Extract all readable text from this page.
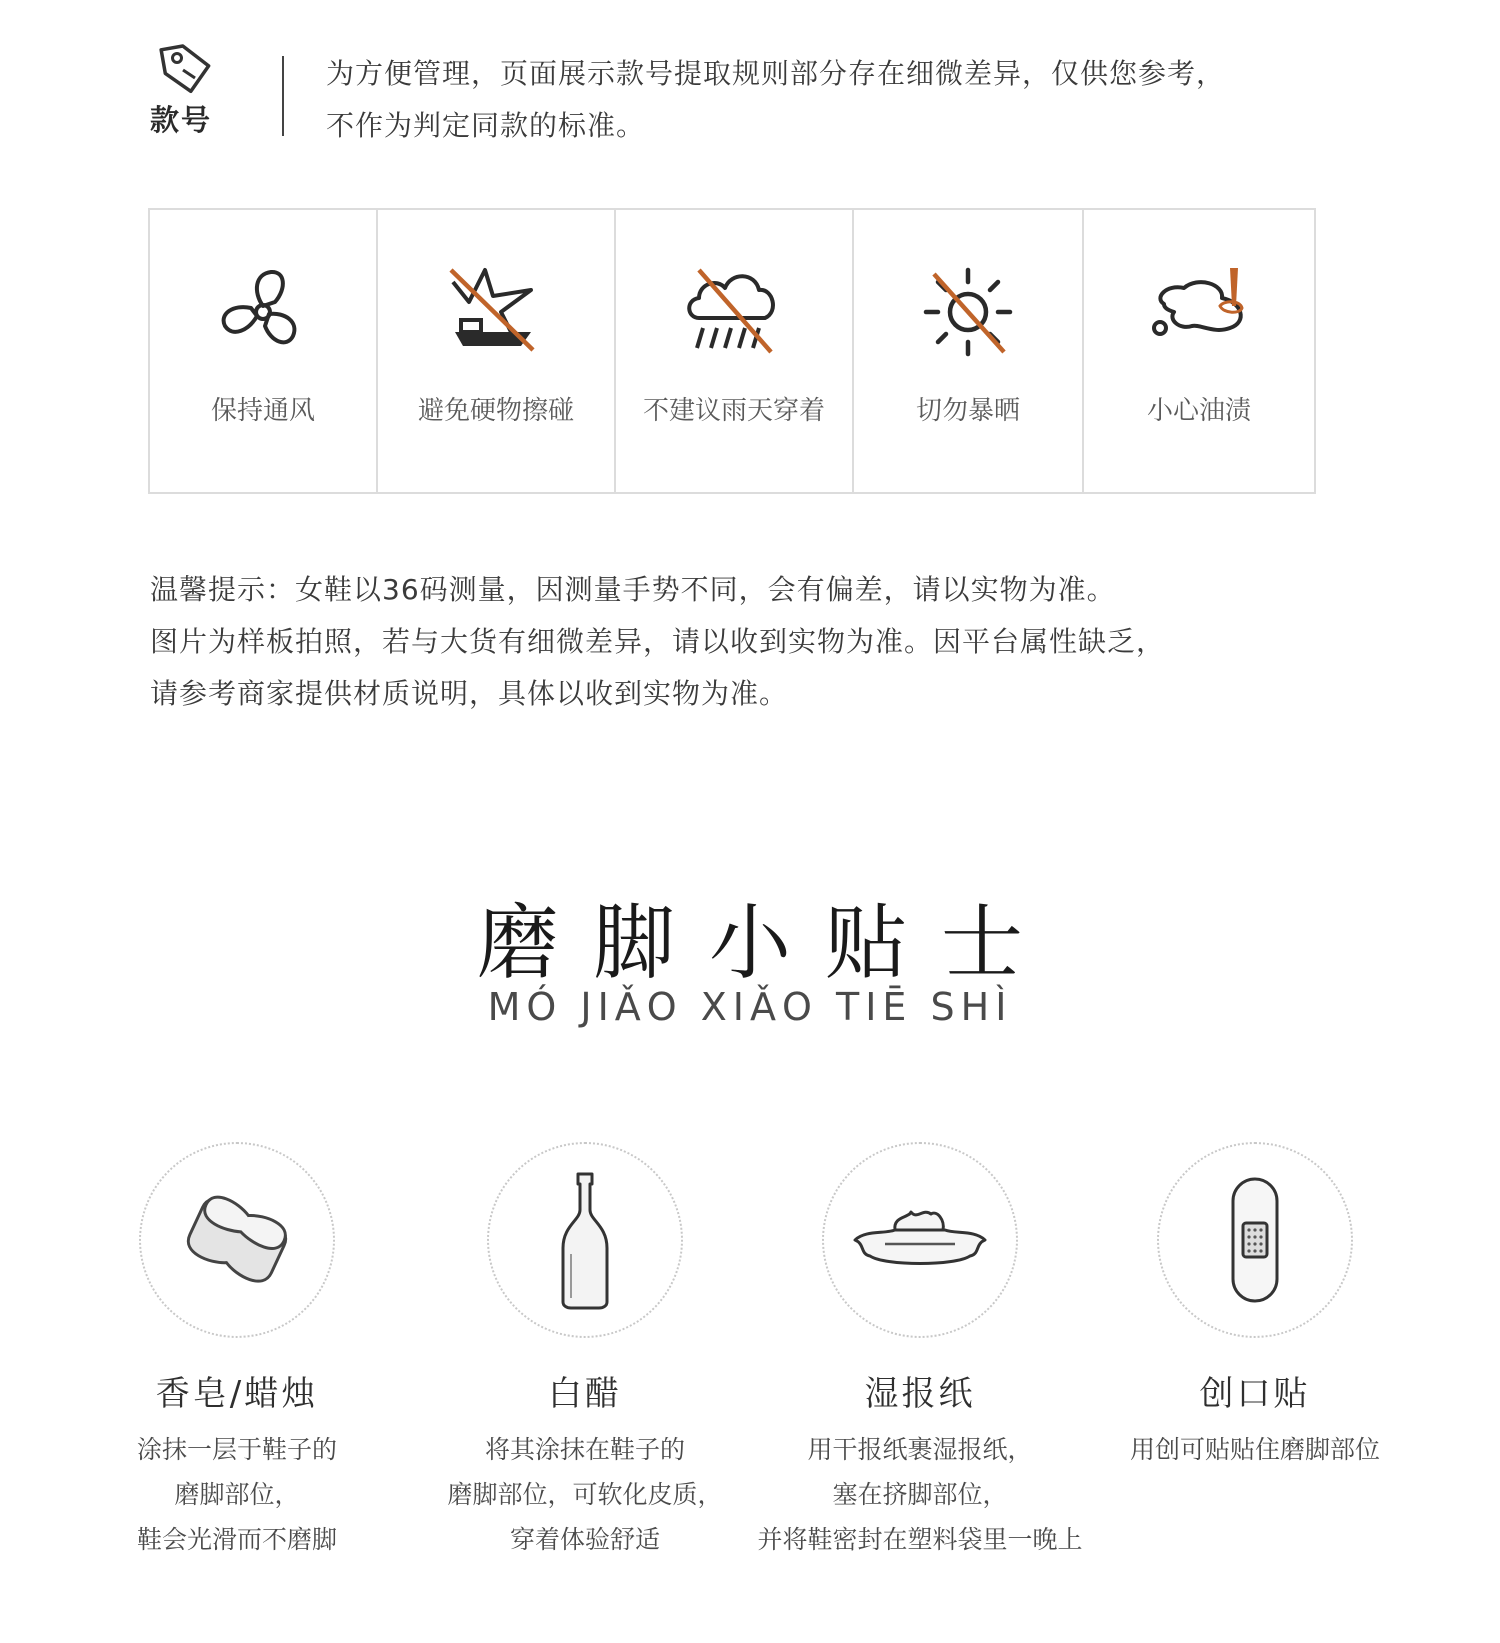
款号
为方便管理，页面展示款号提取规则部分存在细微差异，仅供您参考，
不作为判定同款的标准。
保持通风	避免硬物擦碰	不建议雨天穿着	切勿暴晒	小心油渍
温馨提示：女鞋以36码测量，因测量手势不同，会有偏差，请以实物为准。
图片为样板拍照，若与大货有细微差异，请以收到实物为准。因平台属性缺乏，
请参考商家提供材质说明，具体以收到实物为准。
磨脚小贴士
MÓ JIǍO XIǍO TIĒ SHÌ
香皂/蜡烛
涂抹一层于鞋子的
磨脚部位，
鞋会光滑而不磨脚
白醋
将其涂抹在鞋子的
磨脚部位，可软化皮质，
穿着体验舒适
湿报纸
用干报纸裹湿报纸，
塞在挤脚部位，
并将鞋密封在塑料袋里一晚上
创口贴
用创可贴贴住磨脚部位
